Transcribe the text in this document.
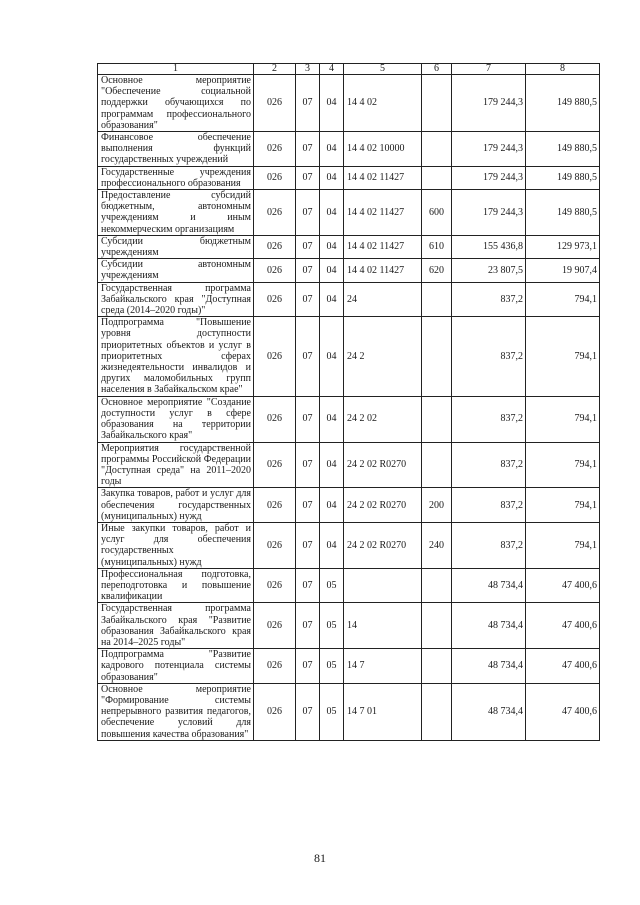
1	2	3	4	5	6	7	8
Основное мероприятие "Обеспечение социальной поддержки обучающихся по программам профессионального образования"	026	07	04	14 4 02		179 244,3	149 880,5
Финансовое обеспечение выполнения функций государственных учреждений	026	07	04	14 4 02 10000		179 244,3	149 880,5
Государственные учреждения профессионального образования	026	07	04	14 4 02 11427		179 244,3	149 880,5
Предоставление субсидий бюджетным, автономным учреждениям и иным некоммерческим организациям	026	07	04	14 4 02 11427	600	179 244,3	149 880,5
Субсидии бюджетным учреждениям	026	07	04	14 4 02 11427	610	155 436,8	129 973,1
Субсидии автономным учреждениям	026	07	04	14 4 02 11427	620	23 807,5	19 907,4
Государственная программа Забайкальского края "Доступная среда (2014–2020 годы)"	026	07	04	24		837,2	794,1
Подпрограмма "Повышение уровня доступности приоритетных объектов и услуг в приоритетных сферах жизнедеятельности инвалидов и других маломобильных групп населения в Забайкальском крае"	026	07	04	24 2		837,2	794,1
Основное мероприятие "Создание доступности услуг в сфере образования на территории Забайкальского края"	026	07	04	24 2 02		837,2	794,1
Мероприятия государственной программы Российской Федерации "Доступная среда" на 2011–2020 годы	026	07	04	24 2 02 R0270		837,2	794,1
Закупка товаров, работ и услуг для обеспечения государственных (муниципальных) нужд	026	07	04	24 2 02 R0270	200	837,2	794,1
Иные закупки товаров, работ и услуг для обеспечения государственных (муниципальных) нужд	026	07	04	24 2 02 R0270	240	837,2	794,1
Профессиональная подготовка, переподготовка и повышение квалификации	026	07	05			48 734,4	47 400,6
Государственная программа Забайкальского края "Развитие образования Забайкальского края на 2014–2025 годы"	026	07	05	14		48 734,4	47 400,6
Подпрограмма "Развитие кадрового потенциала системы образования"	026	07	05	14 7		48 734,4	47 400,6
Основное мероприятие "Формирование системы непрерывного развития педагогов, обеспечение условий для повышения качества образования"	026	07	05	14 7 01		48 734,4	47 400,6
81
